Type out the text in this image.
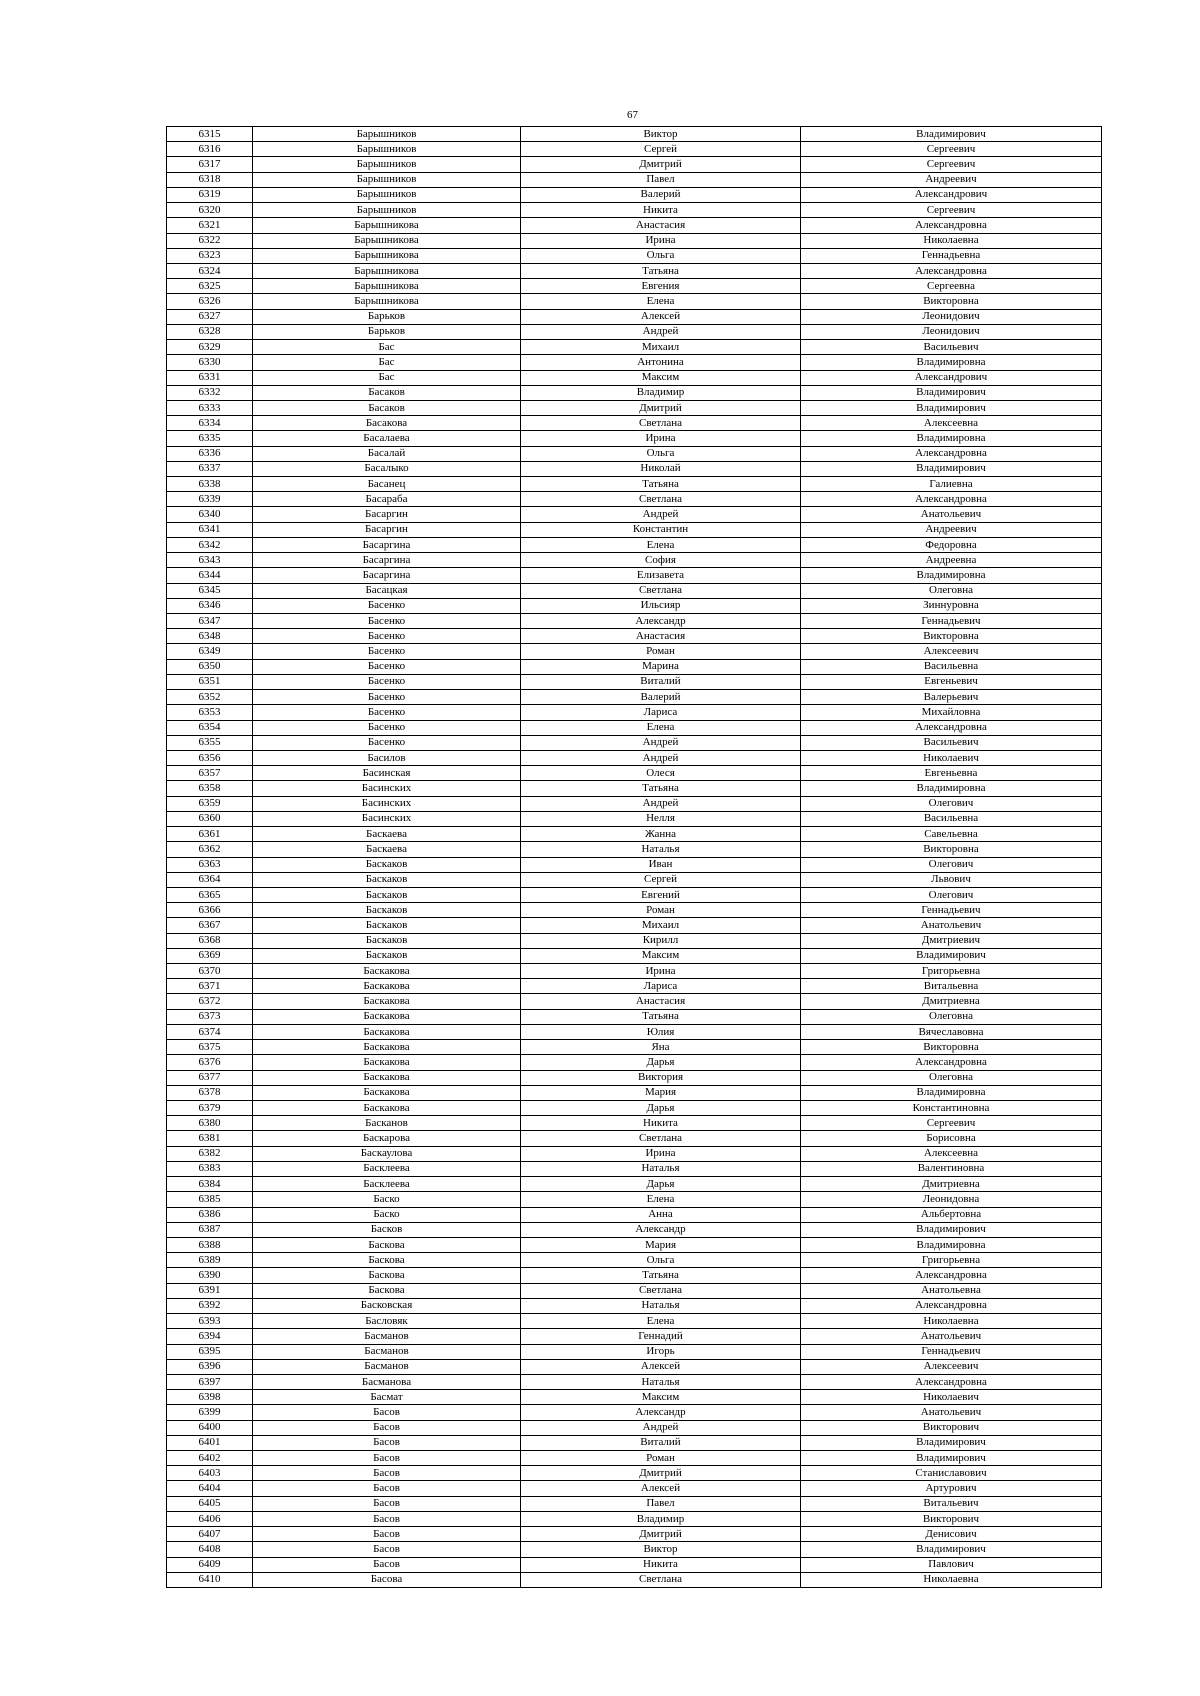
67
6315	Барышников	Виктор	Владимирович
6316	Барышников	Сергей	Сергеевич
6317	Барышников	Дмитрий	Сергеевич
6318	Барышников	Павел	Андреевич
6319	Барышников	Валерий	Александрович
6320	Барышников	Никита	Сергеевич
6321	Барышникова	Анастасия	Александровна
6322	Барышникова	Ирина	Николаевна
6323	Барышникова	Ольга	Геннадьевна
6324	Барышникова	Татьяна	Александровна
6325	Барышникова	Евгения	Сергеевна
6326	Барышникова	Елена	Викторовна
6327	Барьков	Алексей	Леонидович
6328	Барьков	Андрей	Леонидович
6329	Бас	Михаил	Васильевич
6330	Бас	Антонина	Владимировна
6331	Бас	Максим	Александрович
6332	Басаков	Владимир	Владимирович
6333	Басаков	Дмитрий	Владимирович
6334	Басакова	Светлана	Алексеевна
6335	Басалаева	Ирина	Владимировна
6336	Басалай	Ольга	Александровна
6337	Басалыко	Николай	Владимирович
6338	Басанец	Татьяна	Галиевна
6339	Басараба	Светлана	Александровна
6340	Басаргин	Андрей	Анатольевич
6341	Басаргин	Константин	Андреевич
6342	Басаргина	Елена	Федоровна
6343	Басаргина	София	Андреевна
6344	Басаргина	Елизавета	Владимировна
6345	Басацкая	Светлана	Олеговна
6346	Басенко	Ильсияр	Зиннуровна
6347	Басенко	Александр	Геннадьевич
6348	Басенко	Анастасия	Викторовна
6349	Басенко	Роман	Алексеевич
6350	Басенко	Марина	Васильевна
6351	Басенко	Виталий	Евгеньевич
6352	Басенко	Валерий	Валерьевич
6353	Басенко	Лариса	Михайловна
6354	Басенко	Елена	Александровна
6355	Басенко	Андрей	Васильевич
6356	Басилов	Андрей	Николаевич
6357	Басинская	Олеся	Евгеньевна
6358	Басинских	Татьяна	Владимировна
6359	Басинских	Андрей	Олегович
6360	Басинских	Нелля	Васильевна
6361	Баскаева	Жанна	Савельевна
6362	Баскаева	Наталья	Викторовна
6363	Баскаков	Иван	Олегович
6364	Баскаков	Сергей	Львович
6365	Баскаков	Евгений	Олегович
6366	Баскаков	Роман	Геннадьевич
6367	Баскаков	Михаил	Анатольевич
6368	Баскаков	Кирилл	Дмитриевич
6369	Баскаков	Максим	Владимирович
6370	Баскакова	Ирина	Григорьевна
6371	Баскакова	Лариса	Витальевна
6372	Баскакова	Анастасия	Дмитриевна
6373	Баскакова	Татьяна	Олеговна
6374	Баскакова	Юлия	Вячеславовна
6375	Баскакова	Яна	Викторовна
6376	Баскакова	Дарья	Александровна
6377	Баскакова	Виктория	Олеговна
6378	Баскакова	Мария	Владимировна
6379	Баскакова	Дарья	Константиновна
6380	Басканов	Никита	Сергеевич
6381	Баскарова	Светлана	Борисовна
6382	Баскаулова	Ирина	Алексеевна
6383	Басклеева	Наталья	Валентиновна
6384	Басклеева	Дарья	Дмитриевна
6385	Баско	Елена	Леонидовна
6386	Баско	Анна	Альбертовна
6387	Басков	Александр	Владимирович
6388	Баскова	Мария	Владимировна
6389	Баскова	Ольга	Григорьевна
6390	Баскова	Татьяна	Александровна
6391	Баскова	Светлана	Анатольевна
6392	Басковская	Наталья	Александровна
6393	Басловяк	Елена	Николаевна
6394	Басманов	Геннадий	Анатольевич
6395	Басманов	Игорь	Геннадьевич
6396	Басманов	Алексей	Алексеевич
6397	Басманова	Наталья	Александровна
6398	Басмат	Максим	Николаевич
6399	Басов	Александр	Анатольевич
6400	Басов	Андрей	Викторович
6401	Басов	Виталий	Владимирович
6402	Басов	Роман	Владимирович
6403	Басов	Дмитрий	Станиславович
6404	Басов	Алексей	Артурович
6405	Басов	Павел	Витальевич
6406	Басов	Владимир	Викторович
6407	Басов	Дмитрий	Денисович
6408	Басов	Виктор	Владимирович
6409	Басов	Никита	Павлович
6410	Басова	Светлана	Николаевна
